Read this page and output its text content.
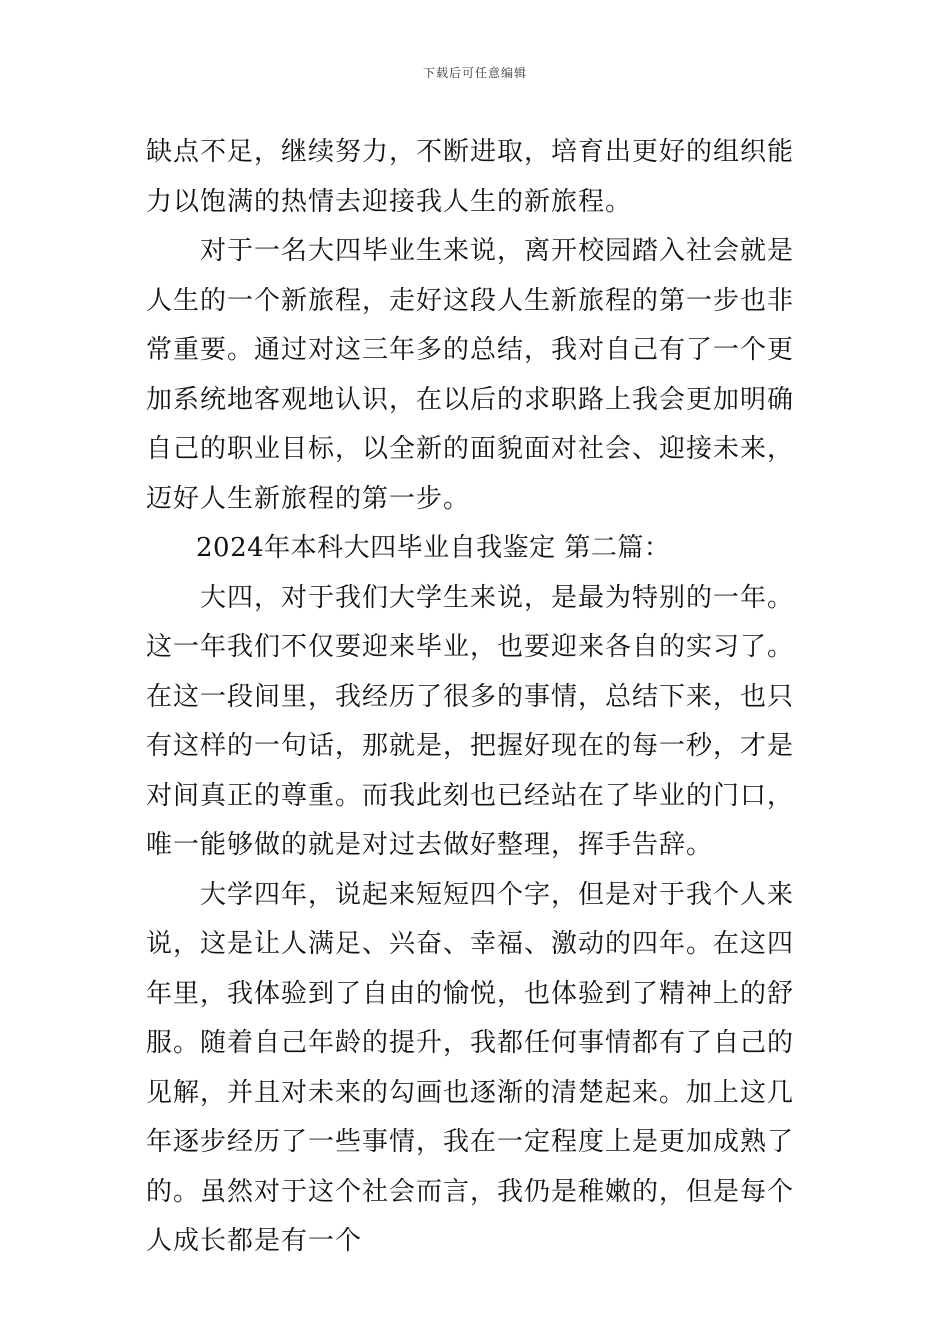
下载后可任意编辑

缺点不足，继续努力，不断进取，培育出更好的组织能力以饱满的热情去迎接我人生的新旅程。

对于一名大四毕业生来说，离开校园踏入社会就是人生的一个新旅程，走好这段人生新旅程的第一步也非常重要。通过对这三年多的总结，我对自己有了一个更加系统地客观地认识，在以后的求职路上我会更加明确自己的职业目标，以全新的面貌面对社会、迎接未来，迈好人生新旅程的第一步。

2024年本科大四毕业自我鉴定 第二篇：

大四，对于我们大学生来说，是最为特别的一年。这一年我们不仅要迎来毕业，也要迎来各自的实习了。在这一段间里，我经历了很多的事情，总结下来，也只有这样的一句话，那就是，把握好现在的每一秒，才是对间真正的尊重。而我此刻也已经站在了毕业的门口，唯一能够做的就是对过去做好整理，挥手告辞。

大学四年，说起来短短四个字，但是对于我个人来说，这是让人满足、兴奋、幸福、激动的四年。在这四年里，我体验到了自由的愉悦，也体验到了精神上的舒服。随着自己年龄的提升，我都任何事情都有了自己的见解，并且对未来的勾画也逐渐的清楚起来。加上这几年逐步经历了一些事情，我在一定程度上是更加成熟了的。虽然对于这个社会而言，我仍是稚嫩的，但是每个人成长都是有一个
